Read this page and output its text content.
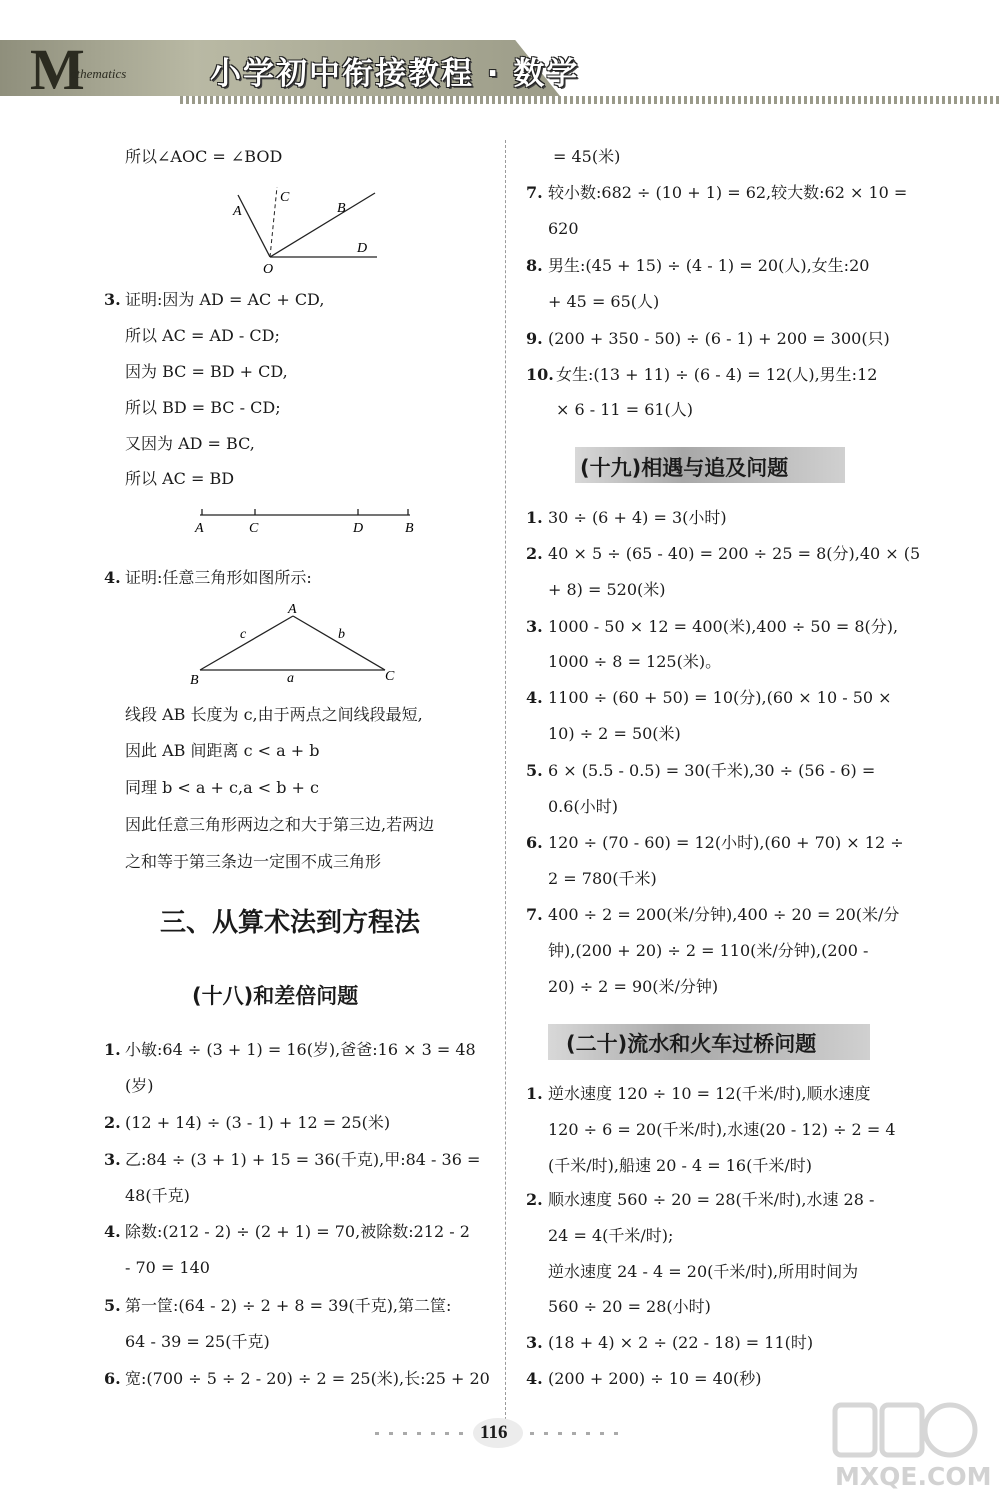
M
athematics	小学初中衔接教程 · 数学
所以∠AOC = ∠BOD
A
C
B
D
O
3. 证明:因为 AD = AC + CD,
所以 AC = AD - CD;
因为 BC = BD + CD,
所以 BD = BC - CD;
又因为 AD = BC,
所以 AC = BD
A	C	D	B
4. 证明:任意三角形如图所示:
A
B	C
a
b
c
线段 AB 长度为 c,由于两点之间线段最短,
因此 AB 间距离 c < a + b
同理 b < a + c,a < b + c
因此任意三角形两边之和大于第三边,若两边
之和等于第三条边一定围不成三角形
三、从算术法到方程法
(十八)和差倍问题
1. 小敏:64 ÷ (3 + 1) = 16(岁),爸爸:16 × 3 = 48
(岁)
2. (12 + 14) ÷ (3 - 1) + 12 = 25(米)
3. 乙:84 ÷ (3 + 1) + 15 = 36(千克),甲:84 - 36 =
48(千克)
4. 除数:(212 - 2) ÷ (2 + 1) = 70,被除数:212 - 2
- 70 = 140
5. 第一筐:(64 - 2) ÷ 2 + 8 = 39(千克),第二筐:
64 - 39 = 25(千克)
6. 宽:(700 ÷ 5 ÷ 2 - 20) ÷ 2 = 25(米),长:25 + 20
= 45(米)
7. 较小数:682 ÷ (10 + 1) = 62,较大数:62 × 10 =
620
8. 男生:(45 + 15) ÷ (4 - 1) = 20(人),女生:20
+ 45 = 65(人)
9. (200 + 350 - 50) ÷ (6 - 1) + 200 = 300(只)
10. 女生:(13 + 11) ÷ (6 - 4) = 12(人),男生:12
× 6 - 11 = 61(人)
(十九)相遇与追及问题
1. 30 ÷ (6 + 4) = 3(小时)
2. 40 × 5 ÷ (65 - 40) = 200 ÷ 25 = 8(分),40 × (5
+ 8) = 520(米)
3. 1000 - 50 × 12 = 400(米),400 ÷ 50 = 8(分),
1000 ÷ 8 = 125(米)。
4. 1100 ÷ (60 + 50) = 10(分),(60 × 10 - 50 ×
10) ÷ 2 = 50(米)
5. 6 × (5.5 - 0.5) = 30(千米),30 ÷ (56 - 6) =
0.6(小时)
6. 120 ÷ (70 - 60) = 12(小时),(60 + 70) × 12 ÷
2 = 780(千米)
7. 400 ÷ 2 = 200(米/分钟),400 ÷ 20 = 20(米/分
钟),(200 + 20) ÷ 2 = 110(米/分钟),(200 -
20) ÷ 2 = 90(米/分钟)
(二十)流水和火车过桥问题
1. 逆水速度 120 ÷ 10 = 12(千米/时),顺水速度
120 ÷ 6 = 20(千米/时),水速(20 - 12) ÷ 2 = 4
(千米/时),船速 20 - 4 = 16(千米/时)
2. 顺水速度 560 ÷ 20 = 28(千米/时),水速 28 -
24 = 4(千米/时);
逆水速度 24 - 4 = 20(千米/时),所用时间为
560 ÷ 20 = 28(小时)
3. (18 + 4) × 2 ÷ (22 - 18) = 11(时)
4. (200 + 200) ÷ 10 = 40(秒)
116
MXQE.COM
